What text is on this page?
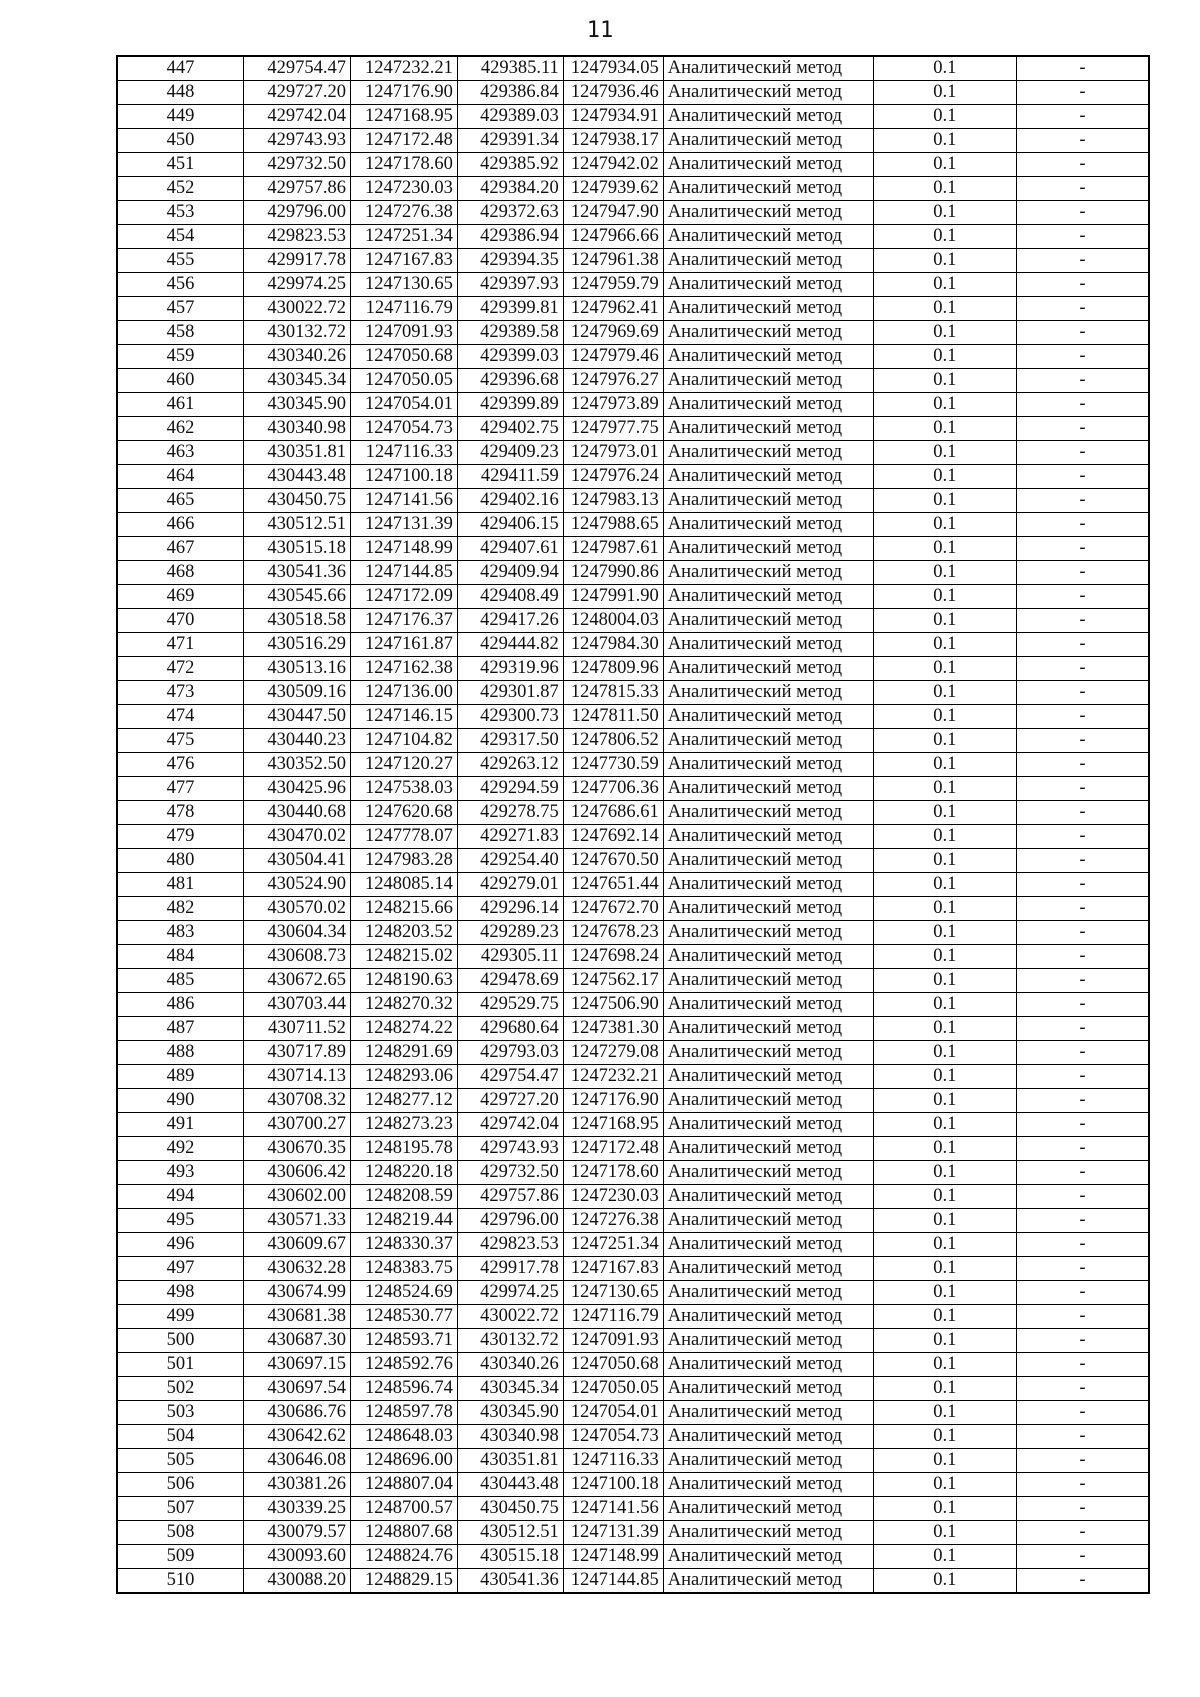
11
447	429754.47	1247232.21	429385.11	1247934.05	Аналитический метод	0.1	-
448	429727.20	1247176.90	429386.84	1247936.46	Аналитический метод	0.1	-
449	429742.04	1247168.95	429389.03	1247934.91	Аналитический метод	0.1	-
450	429743.93	1247172.48	429391.34	1247938.17	Аналитический метод	0.1	-
451	429732.50	1247178.60	429385.92	1247942.02	Аналитический метод	0.1	-
452	429757.86	1247230.03	429384.20	1247939.62	Аналитический метод	0.1	-
453	429796.00	1247276.38	429372.63	1247947.90	Аналитический метод	0.1	-
454	429823.53	1247251.34	429386.94	1247966.66	Аналитический метод	0.1	-
455	429917.78	1247167.83	429394.35	1247961.38	Аналитический метод	0.1	-
456	429974.25	1247130.65	429397.93	1247959.79	Аналитический метод	0.1	-
457	430022.72	1247116.79	429399.81	1247962.41	Аналитический метод	0.1	-
458	430132.72	1247091.93	429389.58	1247969.69	Аналитический метод	0.1	-
459	430340.26	1247050.68	429399.03	1247979.46	Аналитический метод	0.1	-
460	430345.34	1247050.05	429396.68	1247976.27	Аналитический метод	0.1	-
461	430345.90	1247054.01	429399.89	1247973.89	Аналитический метод	0.1	-
462	430340.98	1247054.73	429402.75	1247977.75	Аналитический метод	0.1	-
463	430351.81	1247116.33	429409.23	1247973.01	Аналитический метод	0.1	-
464	430443.48	1247100.18	429411.59	1247976.24	Аналитический метод	0.1	-
465	430450.75	1247141.56	429402.16	1247983.13	Аналитический метод	0.1	-
466	430512.51	1247131.39	429406.15	1247988.65	Аналитический метод	0.1	-
467	430515.18	1247148.99	429407.61	1247987.61	Аналитический метод	0.1	-
468	430541.36	1247144.85	429409.94	1247990.86	Аналитический метод	0.1	-
469	430545.66	1247172.09	429408.49	1247991.90	Аналитический метод	0.1	-
470	430518.58	1247176.37	429417.26	1248004.03	Аналитический метод	0.1	-
471	430516.29	1247161.87	429444.82	1247984.30	Аналитический метод	0.1	-
472	430513.16	1247162.38	429319.96	1247809.96	Аналитический метод	0.1	-
473	430509.16	1247136.00	429301.87	1247815.33	Аналитический метод	0.1	-
474	430447.50	1247146.15	429300.73	1247811.50	Аналитический метод	0.1	-
475	430440.23	1247104.82	429317.50	1247806.52	Аналитический метод	0.1	-
476	430352.50	1247120.27	429263.12	1247730.59	Аналитический метод	0.1	-
477	430425.96	1247538.03	429294.59	1247706.36	Аналитический метод	0.1	-
478	430440.68	1247620.68	429278.75	1247686.61	Аналитический метод	0.1	-
479	430470.02	1247778.07	429271.83	1247692.14	Аналитический метод	0.1	-
480	430504.41	1247983.28	429254.40	1247670.50	Аналитический метод	0.1	-
481	430524.90	1248085.14	429279.01	1247651.44	Аналитический метод	0.1	-
482	430570.02	1248215.66	429296.14	1247672.70	Аналитический метод	0.1	-
483	430604.34	1248203.52	429289.23	1247678.23	Аналитический метод	0.1	-
484	430608.73	1248215.02	429305.11	1247698.24	Аналитический метод	0.1	-
485	430672.65	1248190.63	429478.69	1247562.17	Аналитический метод	0.1	-
486	430703.44	1248270.32	429529.75	1247506.90	Аналитический метод	0.1	-
487	430711.52	1248274.22	429680.64	1247381.30	Аналитический метод	0.1	-
488	430717.89	1248291.69	429793.03	1247279.08	Аналитический метод	0.1	-
489	430714.13	1248293.06	429754.47	1247232.21	Аналитический метод	0.1	-
490	430708.32	1248277.12	429727.20	1247176.90	Аналитический метод	0.1	-
491	430700.27	1248273.23	429742.04	1247168.95	Аналитический метод	0.1	-
492	430670.35	1248195.78	429743.93	1247172.48	Аналитический метод	0.1	-
493	430606.42	1248220.18	429732.50	1247178.60	Аналитический метод	0.1	-
494	430602.00	1248208.59	429757.86	1247230.03	Аналитический метод	0.1	-
495	430571.33	1248219.44	429796.00	1247276.38	Аналитический метод	0.1	-
496	430609.67	1248330.37	429823.53	1247251.34	Аналитический метод	0.1	-
497	430632.28	1248383.75	429917.78	1247167.83	Аналитический метод	0.1	-
498	430674.99	1248524.69	429974.25	1247130.65	Аналитический метод	0.1	-
499	430681.38	1248530.77	430022.72	1247116.79	Аналитический метод	0.1	-
500	430687.30	1248593.71	430132.72	1247091.93	Аналитический метод	0.1	-
501	430697.15	1248592.76	430340.26	1247050.68	Аналитический метод	0.1	-
502	430697.54	1248596.74	430345.34	1247050.05	Аналитический метод	0.1	-
503	430686.76	1248597.78	430345.90	1247054.01	Аналитический метод	0.1	-
504	430642.62	1248648.03	430340.98	1247054.73	Аналитический метод	0.1	-
505	430646.08	1248696.00	430351.81	1247116.33	Аналитический метод	0.1	-
506	430381.26	1248807.04	430443.48	1247100.18	Аналитический метод	0.1	-
507	430339.25	1248700.57	430450.75	1247141.56	Аналитический метод	0.1	-
508	430079.57	1248807.68	430512.51	1247131.39	Аналитический метод	0.1	-
509	430093.60	1248824.76	430515.18	1247148.99	Аналитический метод	0.1	-
510	430088.20	1248829.15	430541.36	1247144.85	Аналитический метод	0.1	-
